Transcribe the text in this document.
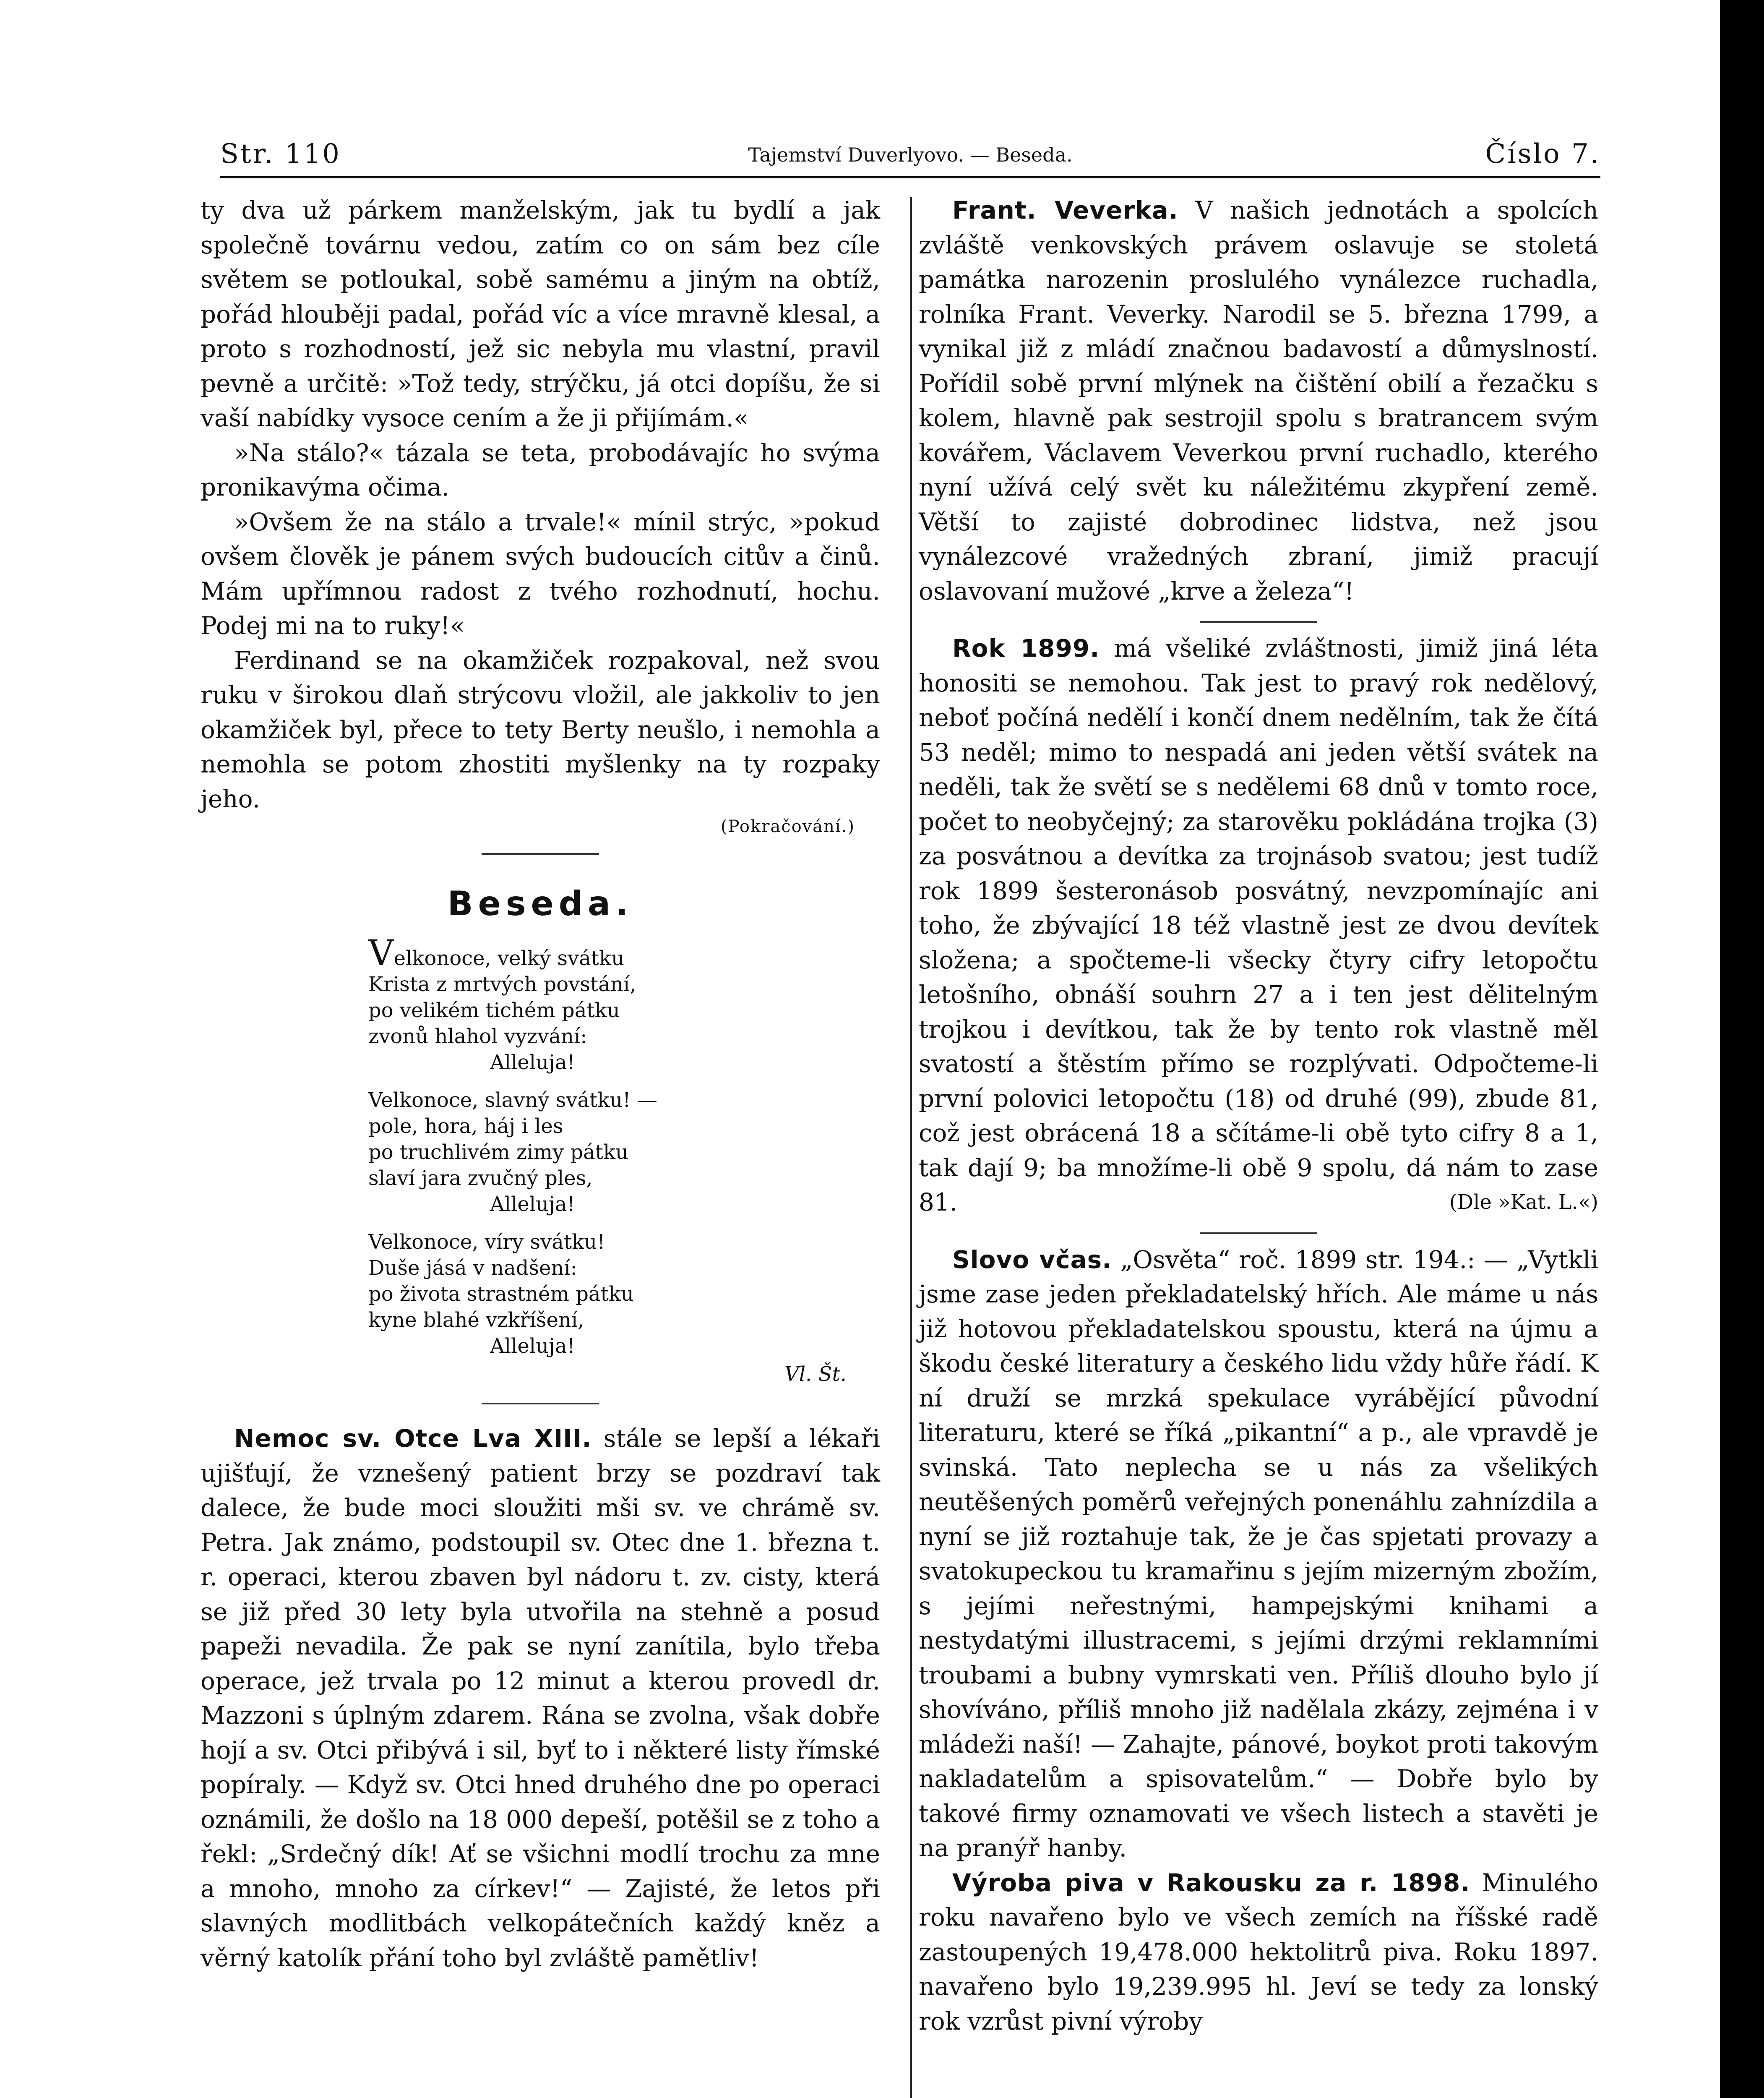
Str. 110	Tajemství Duverlyovo. — Beseda.	Číslo 7.

ty dva už párkem manželským, jak tu bydlí a jak společně továrnu vedou, zatím co on sám bez cíle světem se potloukal, sobě samému a jiným na obtíž, pořád hlouběji padal, pořád víc a více mravně klesal, a proto s rozhodností, jež sic nebyla mu vlastní, pravil pevně a určitě: »Tož tedy, strýčku, já otci dopíšu, že si vaší nabídky vysoce cením a že ji přijímám.«

»Na stálo?« tázala se teta, probodávajíc ho svýma pronikavýma očima.

»Ovšem že na stálo a trvale!« mínil strýc, »pokud ovšem člověk je pánem svých budoucích citův a činů. Mám upřímnou radost z tvého rozhodnutí, hochu. Podej mi na to ruky!«

Ferdinand se na okamžiček rozpakoval, než svou ruku v širokou dlaň strýcovu vložil, ale jakkoliv to jen okamžiček byl, přece to tety Berty neušlo, i nemohla a nemohla se potom zhostiti myšlenky na ty rozpaky jeho.

(Pokračování.)
Beseda.
Velkonoce, velký svátku
Krista z mrtvých povstání,
po velikém tichém pátku
zvonů hlahol vyzvání:
Alleluja!
Velkonoce, slavný svátku! —
pole, hora, háj i les
po truchlivém zimy pátku
slaví jara zvučný ples,
Alleluja!
Velkonoce, víry svátku!
Duše jásá v nadšení:
po života strastném pátku
kyne blahé vzkříšení,
Alleluja!
Vl. Št.

Nemoc sv. Otce Lva XIII. stále se lepší a lékaři ujišťují, že vznešený patient brzy se pozdraví tak dalece, že bude moci sloužiti mši sv. ve chrámě sv. Petra. Jak známo, podstoupil sv. Otec dne 1. března t. r. operaci, kterou zbaven byl nádoru t. zv. cisty, která se již před 30 lety byla utvořila na stehně a posud papeži nevadila. Že pak se nyní zanítila, bylo třeba operace, jež trvala po 12 minut a kterou provedl dr. Mazzoni s úplným zdarem. Rána se zvolna, však dobře hojí a sv. Otci přibývá i sil, byť to i některé listy římské popíraly. — Když sv. Otci hned druhého dne po operaci oznámili, že došlo na 18 000 depeší, potěšil se z toho a řekl: „Srdečný dík! Ať se všichni modlí trochu za mne a mnoho, mnoho za církev!“ — Zajisté, že letos při slavných modlitbách velkopátečních každý kněz a věrný katolík přání toho byl zvláště pamětliv!

Frant. Veverka. V našich jednotách a spolcích zvláště venkovských právem oslavuje se stoletá památka narozenin proslulého vynálezce ruchadla, rolníka Frant. Veverky. Narodil se 5. března 1799, a vynikal již z mládí značnou badavostí a důmyslností. Pořídil sobě první mlýnek na čištění obilí a řezačku s kolem, hlavně pak sestrojil spolu s bratrancem svým kovářem, Václavem Veverkou první ruchadlo, kterého nyní užívá celý svět ku náležitému zkypření země. Větší to zajisté dobrodinec lidstva, než jsou vynálezcové vražedných zbraní, jimiž pracují oslavovaní mužové „krve a železa“!

Rok 1899. má všeliké zvláštnosti, jimiž jiná léta honositi se nemohou. Tak jest to pravý rok nedělový, neboť počíná nedělí i končí dnem nedělním, tak že čítá 53 neděl; mimo to nespadá ani jeden větší svátek na neděli, tak že světí se s nedělemi 68 dnů v tomto roce, počet to neobyčejný; za starověku pokládána trojka (3) za posvátnou a devítka za trojnásob svatou; jest tudíž rok 1899 šesteronásob posvátný, nevzpomínajíc ani toho, že zbývající 18 též vlastně jest ze dvou devítek složena; a spočteme-li všecky čtyry cifry letopočtu letošního, obnáší souhrn 27 a i ten jest dělitelným trojkou i devítkou, tak že by tento rok vlastně měl svatostí a štěstím přímo se rozplývati. Odpočteme-li první polovici letopočtu (18) od druhé (99), zbude 81, což jest obrácená 18 a sčítáme-li obě tyto cifry 8 a 1, tak dají 9; ba množíme-li obě 9 spolu, dá nám to zase 81.	(Dle »Kat. L.«)

Slovo včas. „Osvěta“ roč. 1899 str. 194.: — „Vytkli jsme zase jeden překladatelský hřích. Ale máme u nás již hotovou překladatelskou spoustu, která na újmu a škodu české literatury a českého lidu vždy hůře řádí. K ní druží se mrzká spekulace vyrábějící původní literaturu, které se říká „pikantní“ a p., ale vpravdě je svinská. Tato neplecha se u nás za všelikých neutěšených poměrů veřejných ponenáhlu zahnízdila a nyní se již roztahuje tak, že je čas spjetati provazy a svatokupeckou tu kramařinu s jejím mizerným zbožím, s jejími neřestnými, hampejskými knihami a nestydatými illustracemi, s jejími drzými reklamními troubami a bubny vymrskati ven. Příliš dlouho bylo jí shovíváno, příliš mnoho již nadělala zkázy, zejména i v mládeži naší! — Zahajte, pánové, boykot proti takovým nakladatelům a spisovatelům.“ — Dobře bylo by takové firmy oznamovati ve všech listech a stavěti je na pranýř hanby.

Výroba piva v Rakousku za r. 1898. Minulého roku navařeno bylo ve všech zemích na říšské radě zastoupených 19,478.000 hektolitrů piva. Roku 1897. navařeno bylo 19,239.995 hl. Jeví se tedy za lonský rok vzrůst pivní výroby
